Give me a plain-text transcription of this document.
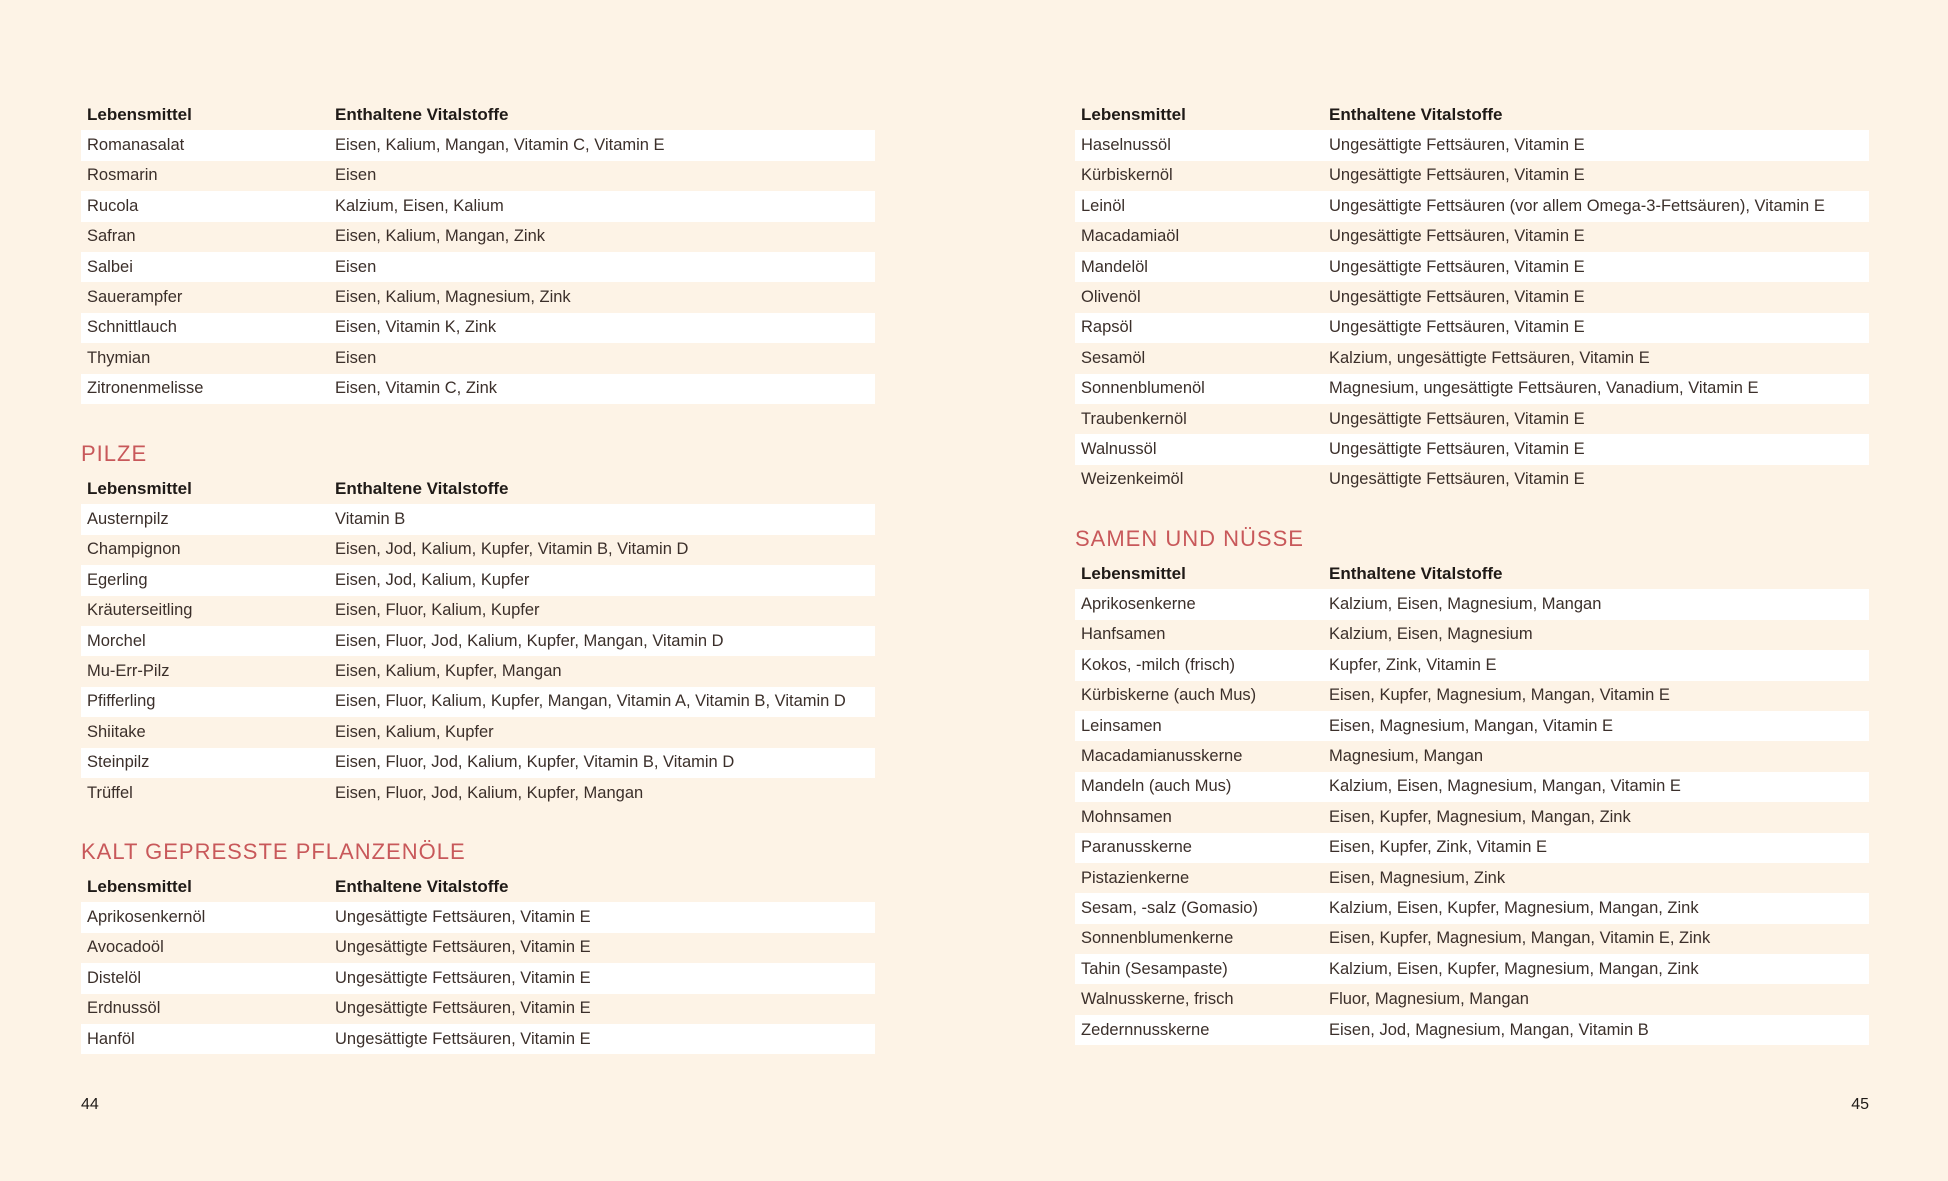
Lebensmittel	Enthaltene Vitalstoffe
Romanasalat	Eisen, Kalium, Mangan, Vitamin C, Vitamin E
Rosmarin	Eisen
Rucola	Kalzium, Eisen, Kalium
Safran	Eisen, Kalium, Mangan, Zink
Salbei	Eisen
Sauerampfer	Eisen, Kalium, Magnesium, Zink
Schnittlauch	Eisen, Vitamin K, Zink
Thymian	Eisen
Zitronenmelisse	Eisen, Vitamin C, Zink
PILZE
Lebensmittel	Enthaltene Vitalstoffe
Austernpilz	Vitamin B
Champignon	Eisen, Jod, Kalium, Kupfer, Vitamin B, Vitamin D
Egerling	Eisen, Jod, Kalium, Kupfer
Kräuterseitling	Eisen, Fluor, Kalium, Kupfer
Morchel	Eisen, Fluor, Jod, Kalium, Kupfer, Mangan, Vitamin D
Mu-Err-Pilz	Eisen, Kalium, Kupfer, Mangan
Pfifferling	Eisen, Fluor, Kalium, Kupfer, Mangan, Vitamin A, Vitamin B, Vitamin D
Shiitake	Eisen, Kalium, Kupfer
Steinpilz	Eisen, Fluor, Jod, Kalium, Kupfer, Vitamin B, Vitamin D
Trüffel	Eisen, Fluor, Jod, Kalium, Kupfer, Mangan
KALT GEPRESSTE PFLANZENÖLE
Lebensmittel	Enthaltene Vitalstoffe
Aprikosenkernöl	Ungesättigte Fettsäuren, Vitamin E
Avocadoöl	Ungesättigte Fettsäuren, Vitamin E
Distelöl	Ungesättigte Fettsäuren, Vitamin E
Erdnussöl	Ungesättigte Fettsäuren, Vitamin E
Hanföl	Ungesättigte Fettsäuren, Vitamin E
44
Lebensmittel	Enthaltene Vitalstoffe
Haselnussöl	Ungesättigte Fettsäuren, Vitamin E
Kürbiskernöl	Ungesättigte Fettsäuren, Vitamin E
Leinöl	Ungesättigte Fettsäuren (vor allem Omega-3-Fettsäuren), Vitamin E
Macadamiaöl	Ungesättigte Fettsäuren, Vitamin E
Mandelöl	Ungesättigte Fettsäuren, Vitamin E
Olivenöl	Ungesättigte Fettsäuren, Vitamin E
Rapsöl	Ungesättigte Fettsäuren, Vitamin E
Sesamöl	Kalzium, ungesättigte Fettsäuren, Vitamin E
Sonnenblumenöl	Magnesium, ungesättigte Fettsäuren, Vanadium, Vitamin E
Traubenkernöl	Ungesättigte Fettsäuren, Vitamin E
Walnussöl	Ungesättigte Fettsäuren, Vitamin E
Weizenkeimöl	Ungesättigte Fettsäuren, Vitamin E
SAMEN UND NÜSSE
Lebensmittel	Enthaltene Vitalstoffe
Aprikosenkerne	Kalzium, Eisen, Magnesium, Mangan
Hanfsamen	Kalzium, Eisen, Magnesium
Kokos, -milch (frisch)	Kupfer, Zink, Vitamin E
Kürbiskerne (auch Mus)	Eisen, Kupfer, Magnesium, Mangan, Vitamin E
Leinsamen	Eisen, Magnesium, Mangan, Vitamin E
Macadamianusskerne	Magnesium, Mangan
Mandeln (auch Mus)	Kalzium, Eisen, Magnesium, Mangan, Vitamin E
Mohnsamen	Eisen, Kupfer, Magnesium, Mangan, Zink
Paranusskerne	Eisen, Kupfer, Zink, Vitamin E
Pistazienkerne	Eisen, Magnesium, Zink
Sesam, -salz (Gomasio)	Kalzium, Eisen, Kupfer, Magnesium, Mangan, Zink
Sonnenblumenkerne	Eisen, Kupfer, Magnesium, Mangan, Vitamin E, Zink
Tahin (Sesampaste)	Kalzium, Eisen, Kupfer, Magnesium, Mangan, Zink
Walnusskerne, frisch	Fluor, Magnesium, Mangan
Zedernnusskerne	Eisen, Jod, Magnesium, Mangan, Vitamin B
45
